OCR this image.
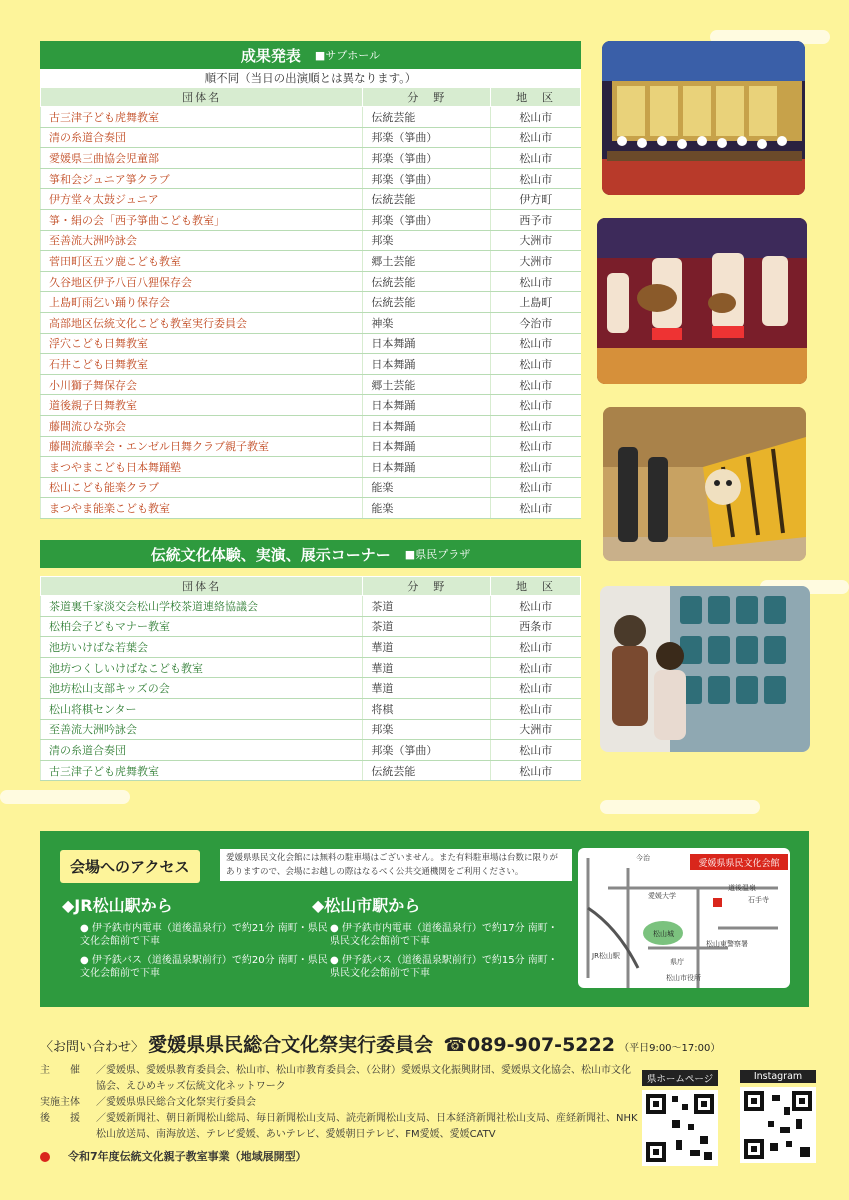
成果発表 ■サブホール
順不同（当日の出演順とは異なります。）
団体名	分　野	地　区
古三津子ども虎舞教室	伝統芸能	松山市
清の糸道合奏団	邦楽（箏曲）	松山市
愛媛県三曲協会児童部	邦楽（箏曲）	松山市
箏和会ジュニア箏クラブ	邦楽（箏曲）	松山市
伊方堂々太鼓ジュニア	伝統芸能	伊方町
箏・絹の会「西予箏曲こども教室」	邦楽（箏曲）	西予市
至善流大洲吟詠会	邦楽	大洲市
菅田町区五ツ鹿こども教室	郷土芸能	大洲市
久谷地区伊予八百八狸保存会	伝統芸能	松山市
上島町雨乞い踊り保存会	伝統芸能	上島町
高部地区伝統文化こども教室実行委員会	神楽	今治市
浮穴こども日舞教室	日本舞踊	松山市
石井こども日舞教室	日本舞踊	松山市
小川獅子舞保存会	郷土芸能	松山市
道後親子日舞教室	日本舞踊	松山市
藤間流ひな弥会	日本舞踊	松山市
藤間流藤幸会・エンゼル日舞クラブ親子教室	日本舞踊	松山市
まつやまこども日本舞踊塾	日本舞踊	松山市
松山こども能楽クラブ	能楽	松山市
まつやま能楽こども教室	能楽	松山市
伝統文化体験、実演、展示コーナー ■県民プラザ
団体名	分　野	地　区
茶道裏千家淡交会松山学校茶道連絡協議会	茶道	松山市
松柏会子どもマナー教室	茶道	西条市
池坊いけばな若葉会	華道	松山市
池坊つくしいけばなこども教室	華道	松山市
池坊松山支部キッズの会	華道	松山市
松山将棋センター	将棋	松山市
至善流大洲吟詠会	邦楽	大洲市
清の糸道合奏団	邦楽（箏曲）	松山市
古三津子ども虎舞教室	伝統芸能	松山市
会場へのアクセス	愛媛県県民文化会館には無料の駐車場はございません。また有料駐車場は台数に限りがありますので、会場にお越しの際はなるべく公共交通機関をご利用ください。
◆JR松山駅から
● 伊予鉄市内電車（道後温泉行）で約21分 南町・県民文化会館前で下車
● 伊予鉄バス（道後温泉駅前行）で約20分 南町・県民文化会館前で下車
◆松山市駅から
● 伊予鉄市内電車（道後温泉行）で約17分 南町・県民文化会館前で下車
● 伊予鉄バス（道後温泉駅前行）で約15分 南町・県民文化会館前で下車
愛媛県県民文化会館
今治
愛媛大学
道後温泉
石手寺
松山城
県庁
松山市役所
松山東警察署
JR松山駅
〈お問い合わせ〉 愛媛県県民総合文化祭実行委員会 ☎089-907-5222 （平日9:00～17:00）
主　　催	／愛媛県、愛媛県教育委員会、松山市、松山市教育委員会、（公財）愛媛県文化振興財団、愛媛県文化協会、松山市文化協会、えひめキッズ伝統文化ネットワーク
実施主体	／愛媛県県民総合文化祭実行委員会
後　　援	／愛媛新聞社、朝日新聞松山総局、毎日新聞松山支局、読売新聞松山支局、日本経済新聞社松山支局、産経新聞社、NHK松山放送局、南海放送、テレビ愛媛、あいテレビ、愛媛朝日テレビ、FM愛媛、愛媛CATV
令和7年度伝統文化親子教室事業（地域展開型）
県ホームページ	Instagram
